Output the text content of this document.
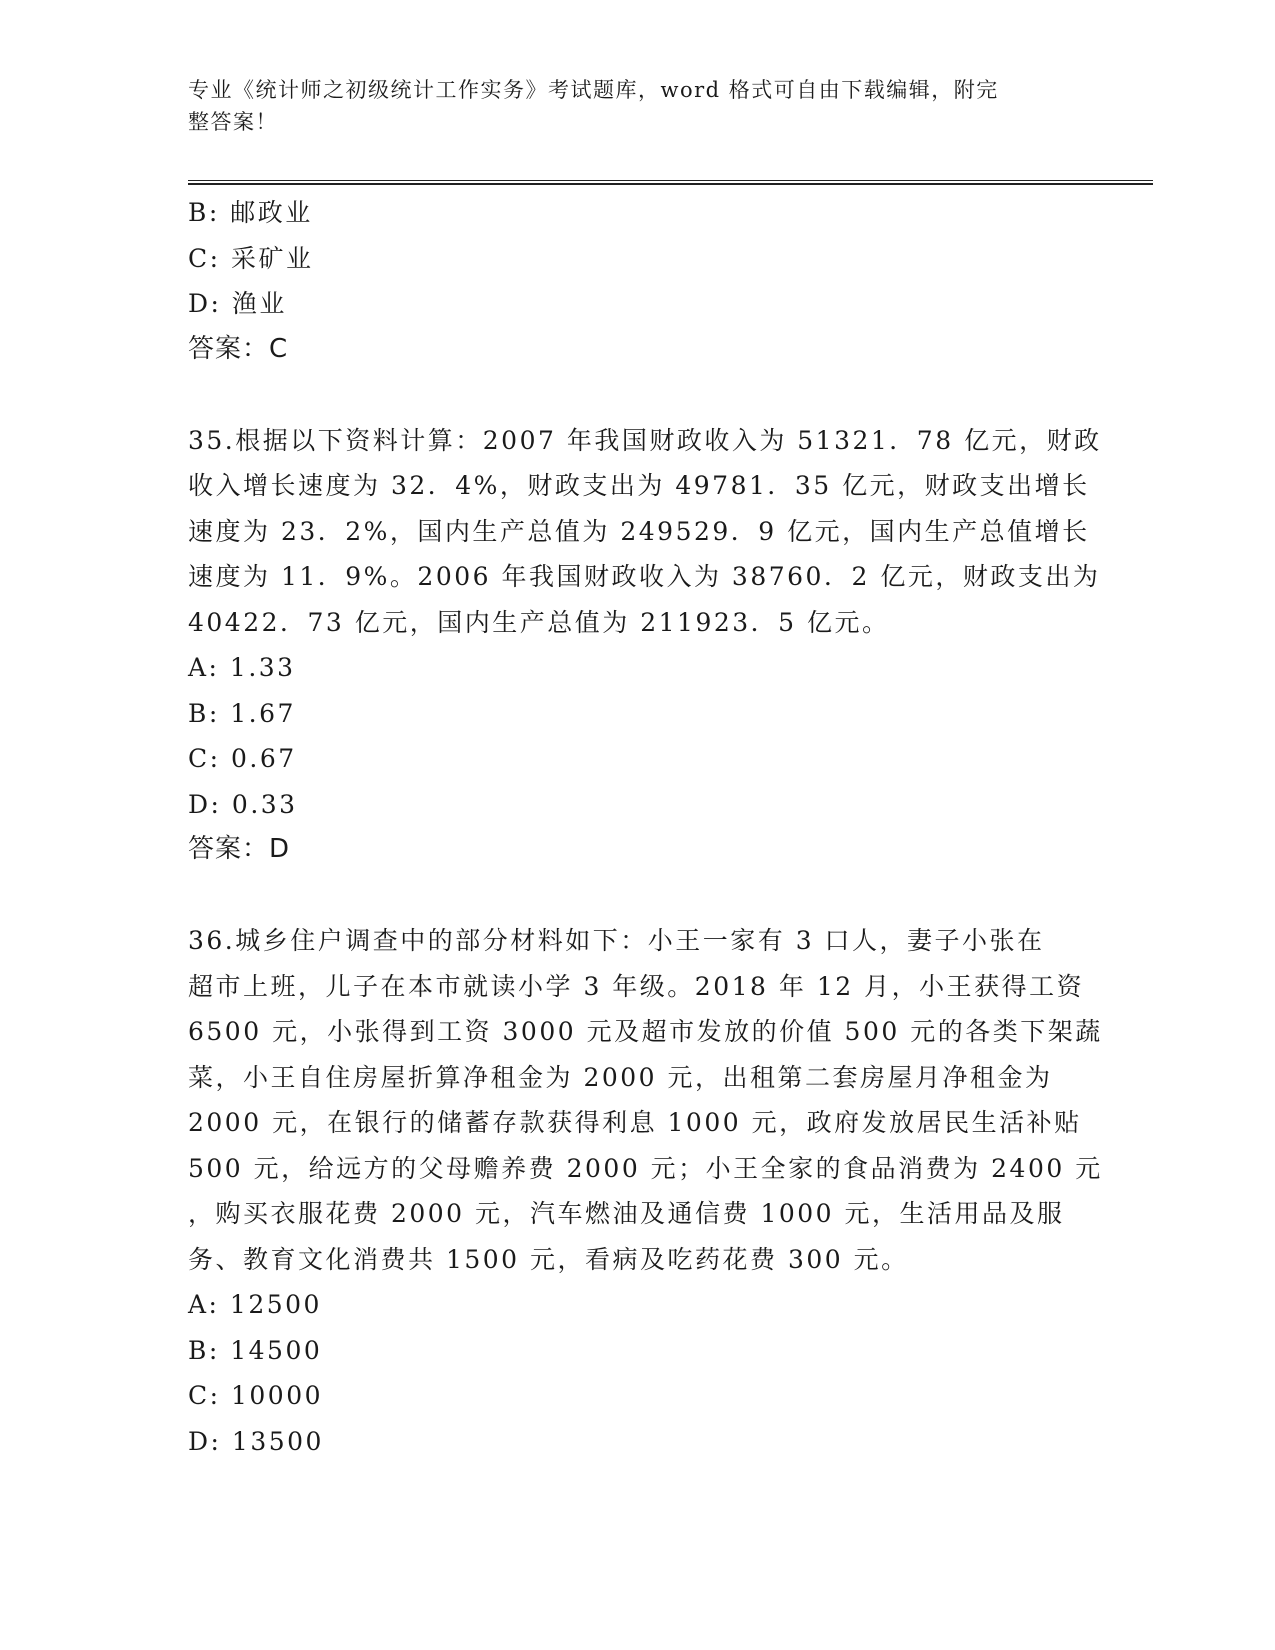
专业《统计师之初级统计工作实务》考试题库，word 格式可自由下载编辑，附完
整答案！
B: 邮政业
C: 采矿业
D: 渔业
答案：C
35.根据以下资料计算：2007 年我国财政收入为 51321．78 亿元，财政
收入增长速度为 32．4%，财政支出为 49781．35 亿元，财政支出增长
速度为 23．2%，国内生产总值为 249529．9 亿元，国内生产总值增长
速度为 11．9%。2006 年我国财政收入为 38760．2 亿元，财政支出为
40422．73 亿元，国内生产总值为 211923．5 亿元。
A: 1.33
B: 1.67
C: 0.67
D: 0.33
答案：D
36.城乡住户调查中的部分材料如下：小王一家有 3 口人，妻子小张在
超市上班，儿子在本市就读小学 3 年级。2018 年 12 月，小王获得工资
6500 元，小张得到工资 3000 元及超市发放的价值 500 元的各类下架蔬
菜，小王自住房屋折算净租金为 2000 元，出租第二套房屋月净租金为
2000 元，在银行的储蓄存款获得利息 1000 元，政府发放居民生活补贴
500 元，给远方的父母赡养费 2000 元；小王全家的食品消费为 2400 元
，购买衣服花费 2000 元，汽车燃油及通信费 1000 元，生活用品及服
务、教育文化消费共 1500 元，看病及吃药花费 300 元。
A: 12500
B: 14500
C: 10000
D: 13500
